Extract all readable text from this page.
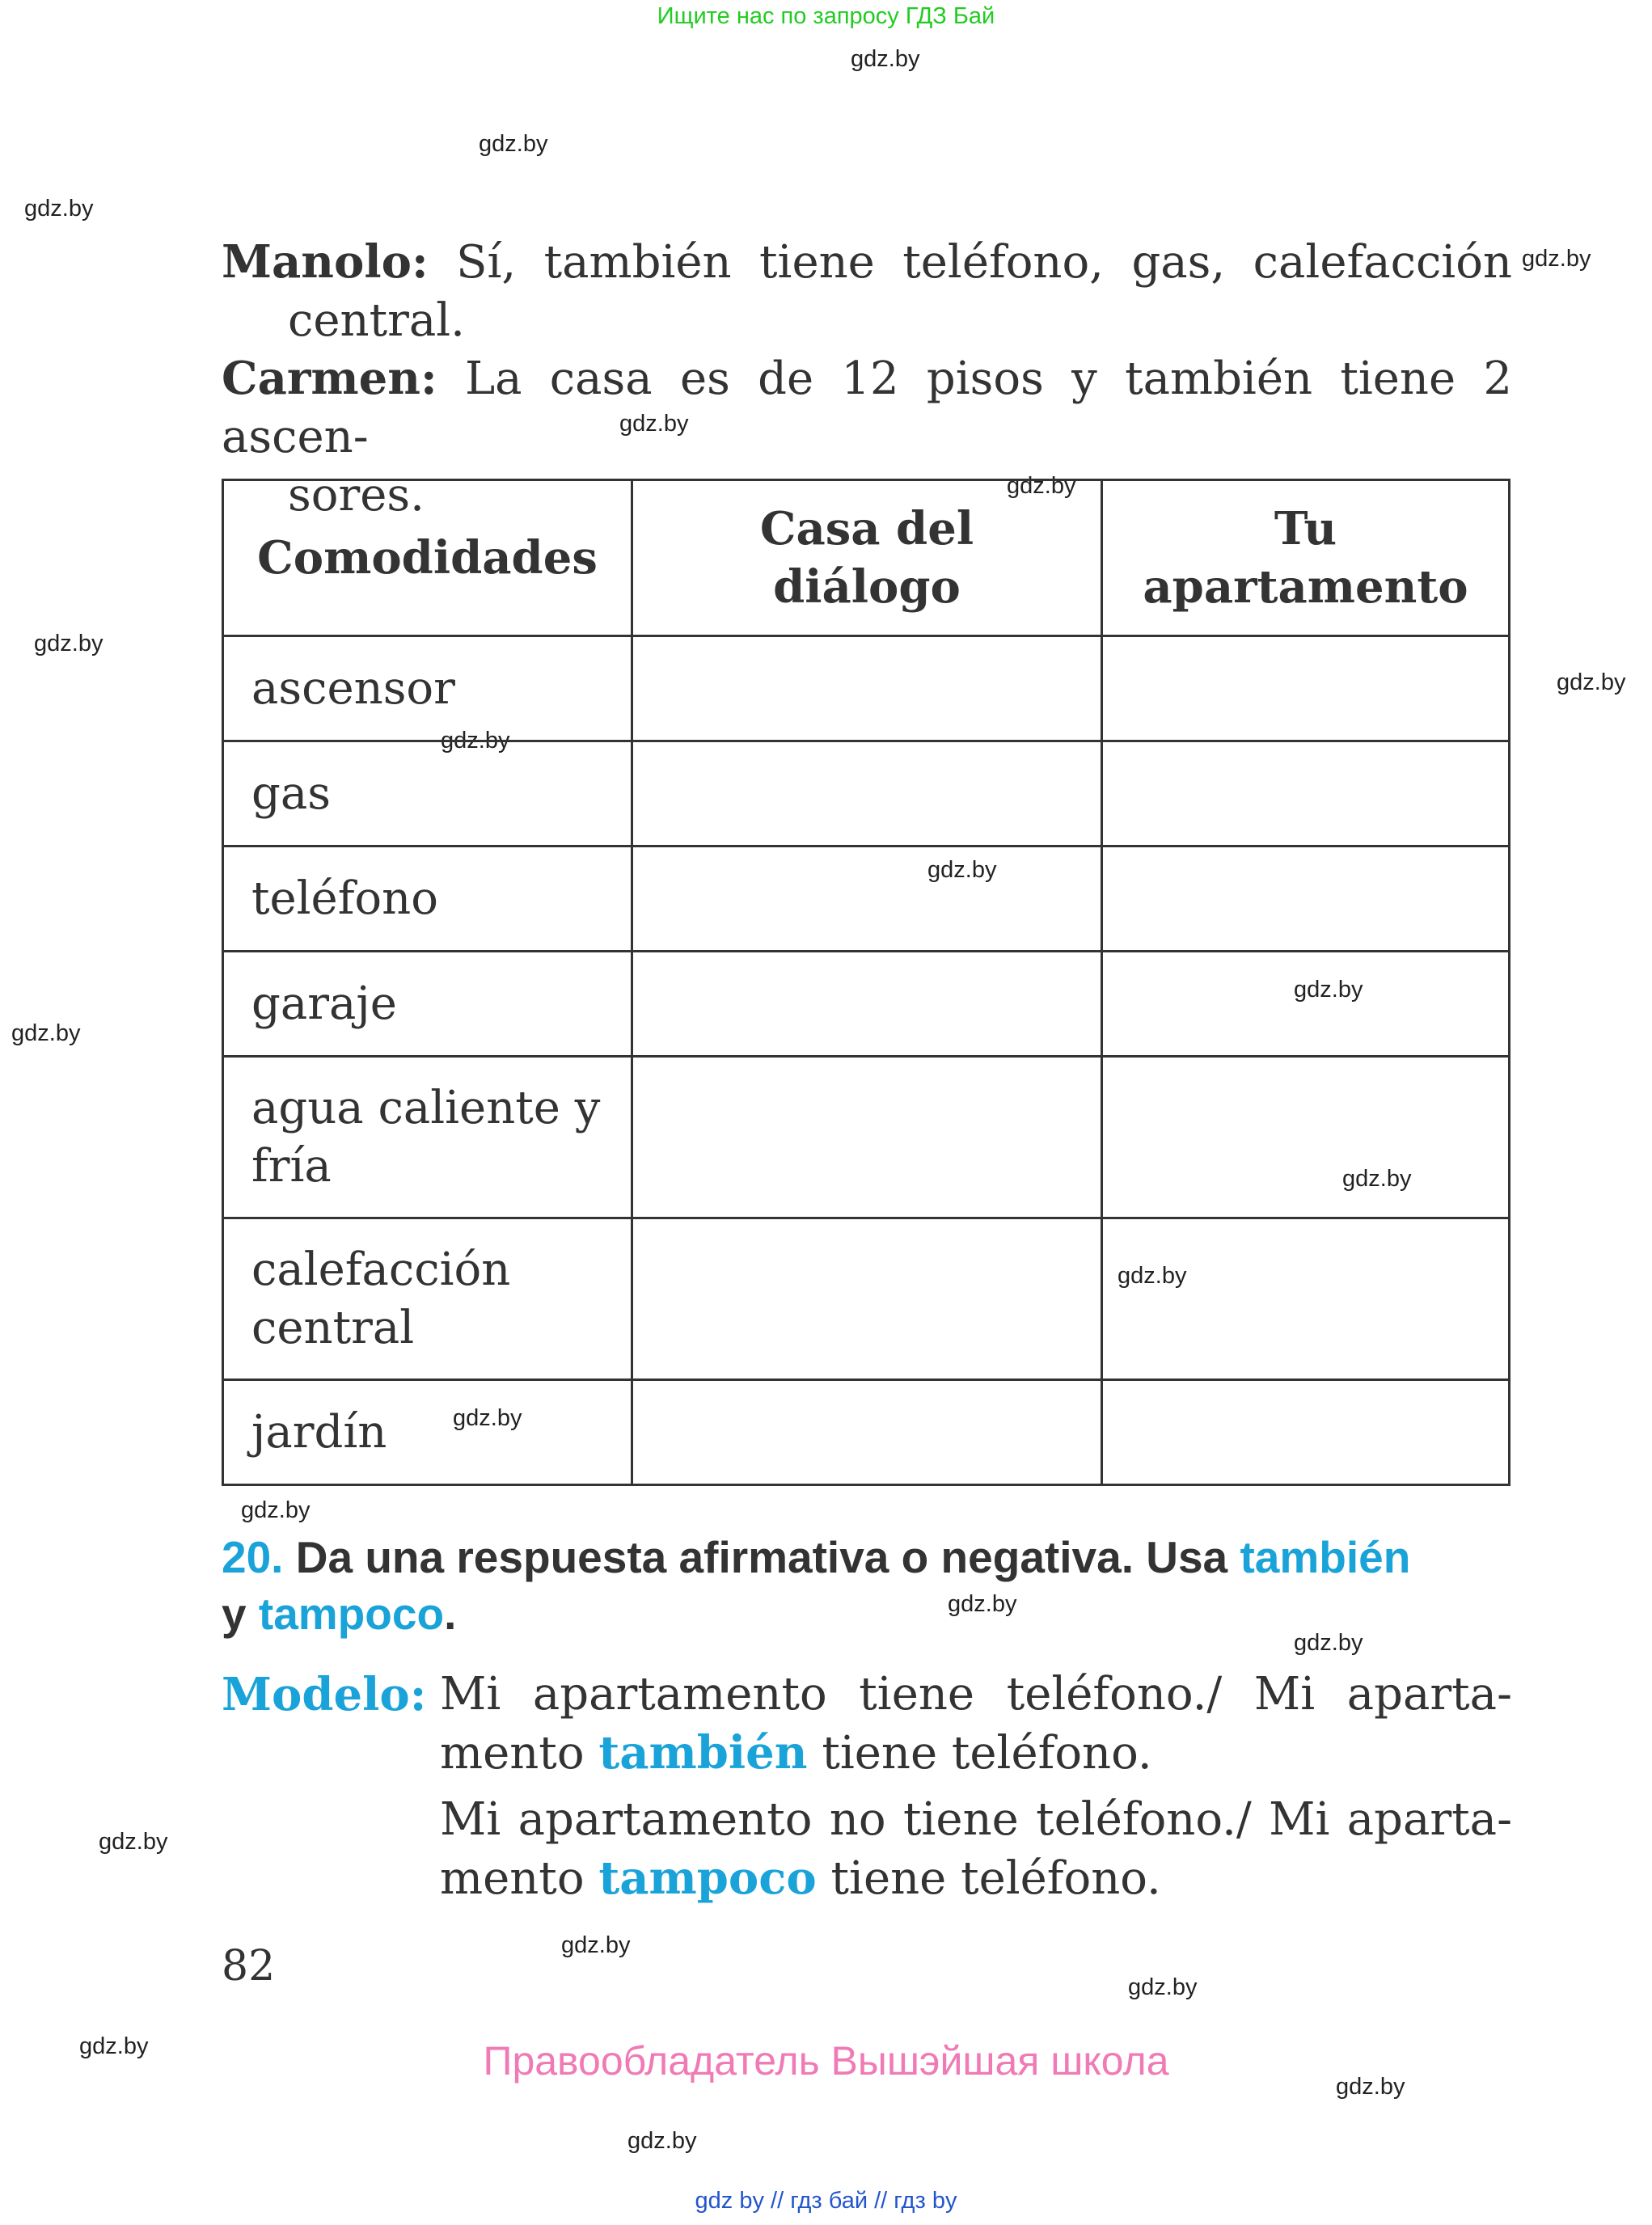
Ищите нас по запросу ГДЗ Бай
gdz.by
gdz.by
gdz.by
gdz.by
gdz.by
gdz.by
gdz.by
gdz.by
gdz.by
gdz.by
gdz.by
gdz.by
gdz.by
gdz.by
gdz.by
gdz.by
gdz.by
gdz.by
gdz.by
gdz.by
gdz.by
gdz.by
gdz.by
gdz.by
Manolo: Sí, también tiene teléfono, gas, calefacción
central.
Carmen: La casa es de 12 pisos y también tiene 2 ascen-
sores.
Comodidades	Casa del diálogo	Tu apartamento
ascensor		
gas		
teléfono		
garaje		
agua caliente y fría		
calefacción central		
jardín		
20. Da una respuesta afirmativa o negativa. Usa también
y tampoco.
Modelo: Mi apartamento tiene teléfono./ Mi aparta-
mento también tiene teléfono.

Mi apartamento no tiene teléfono./ Mi aparta-
mento tampoco tiene teléfono.

82
Правообладатель Вышэйшая школа
gdz by // гдз бай // гдз by
